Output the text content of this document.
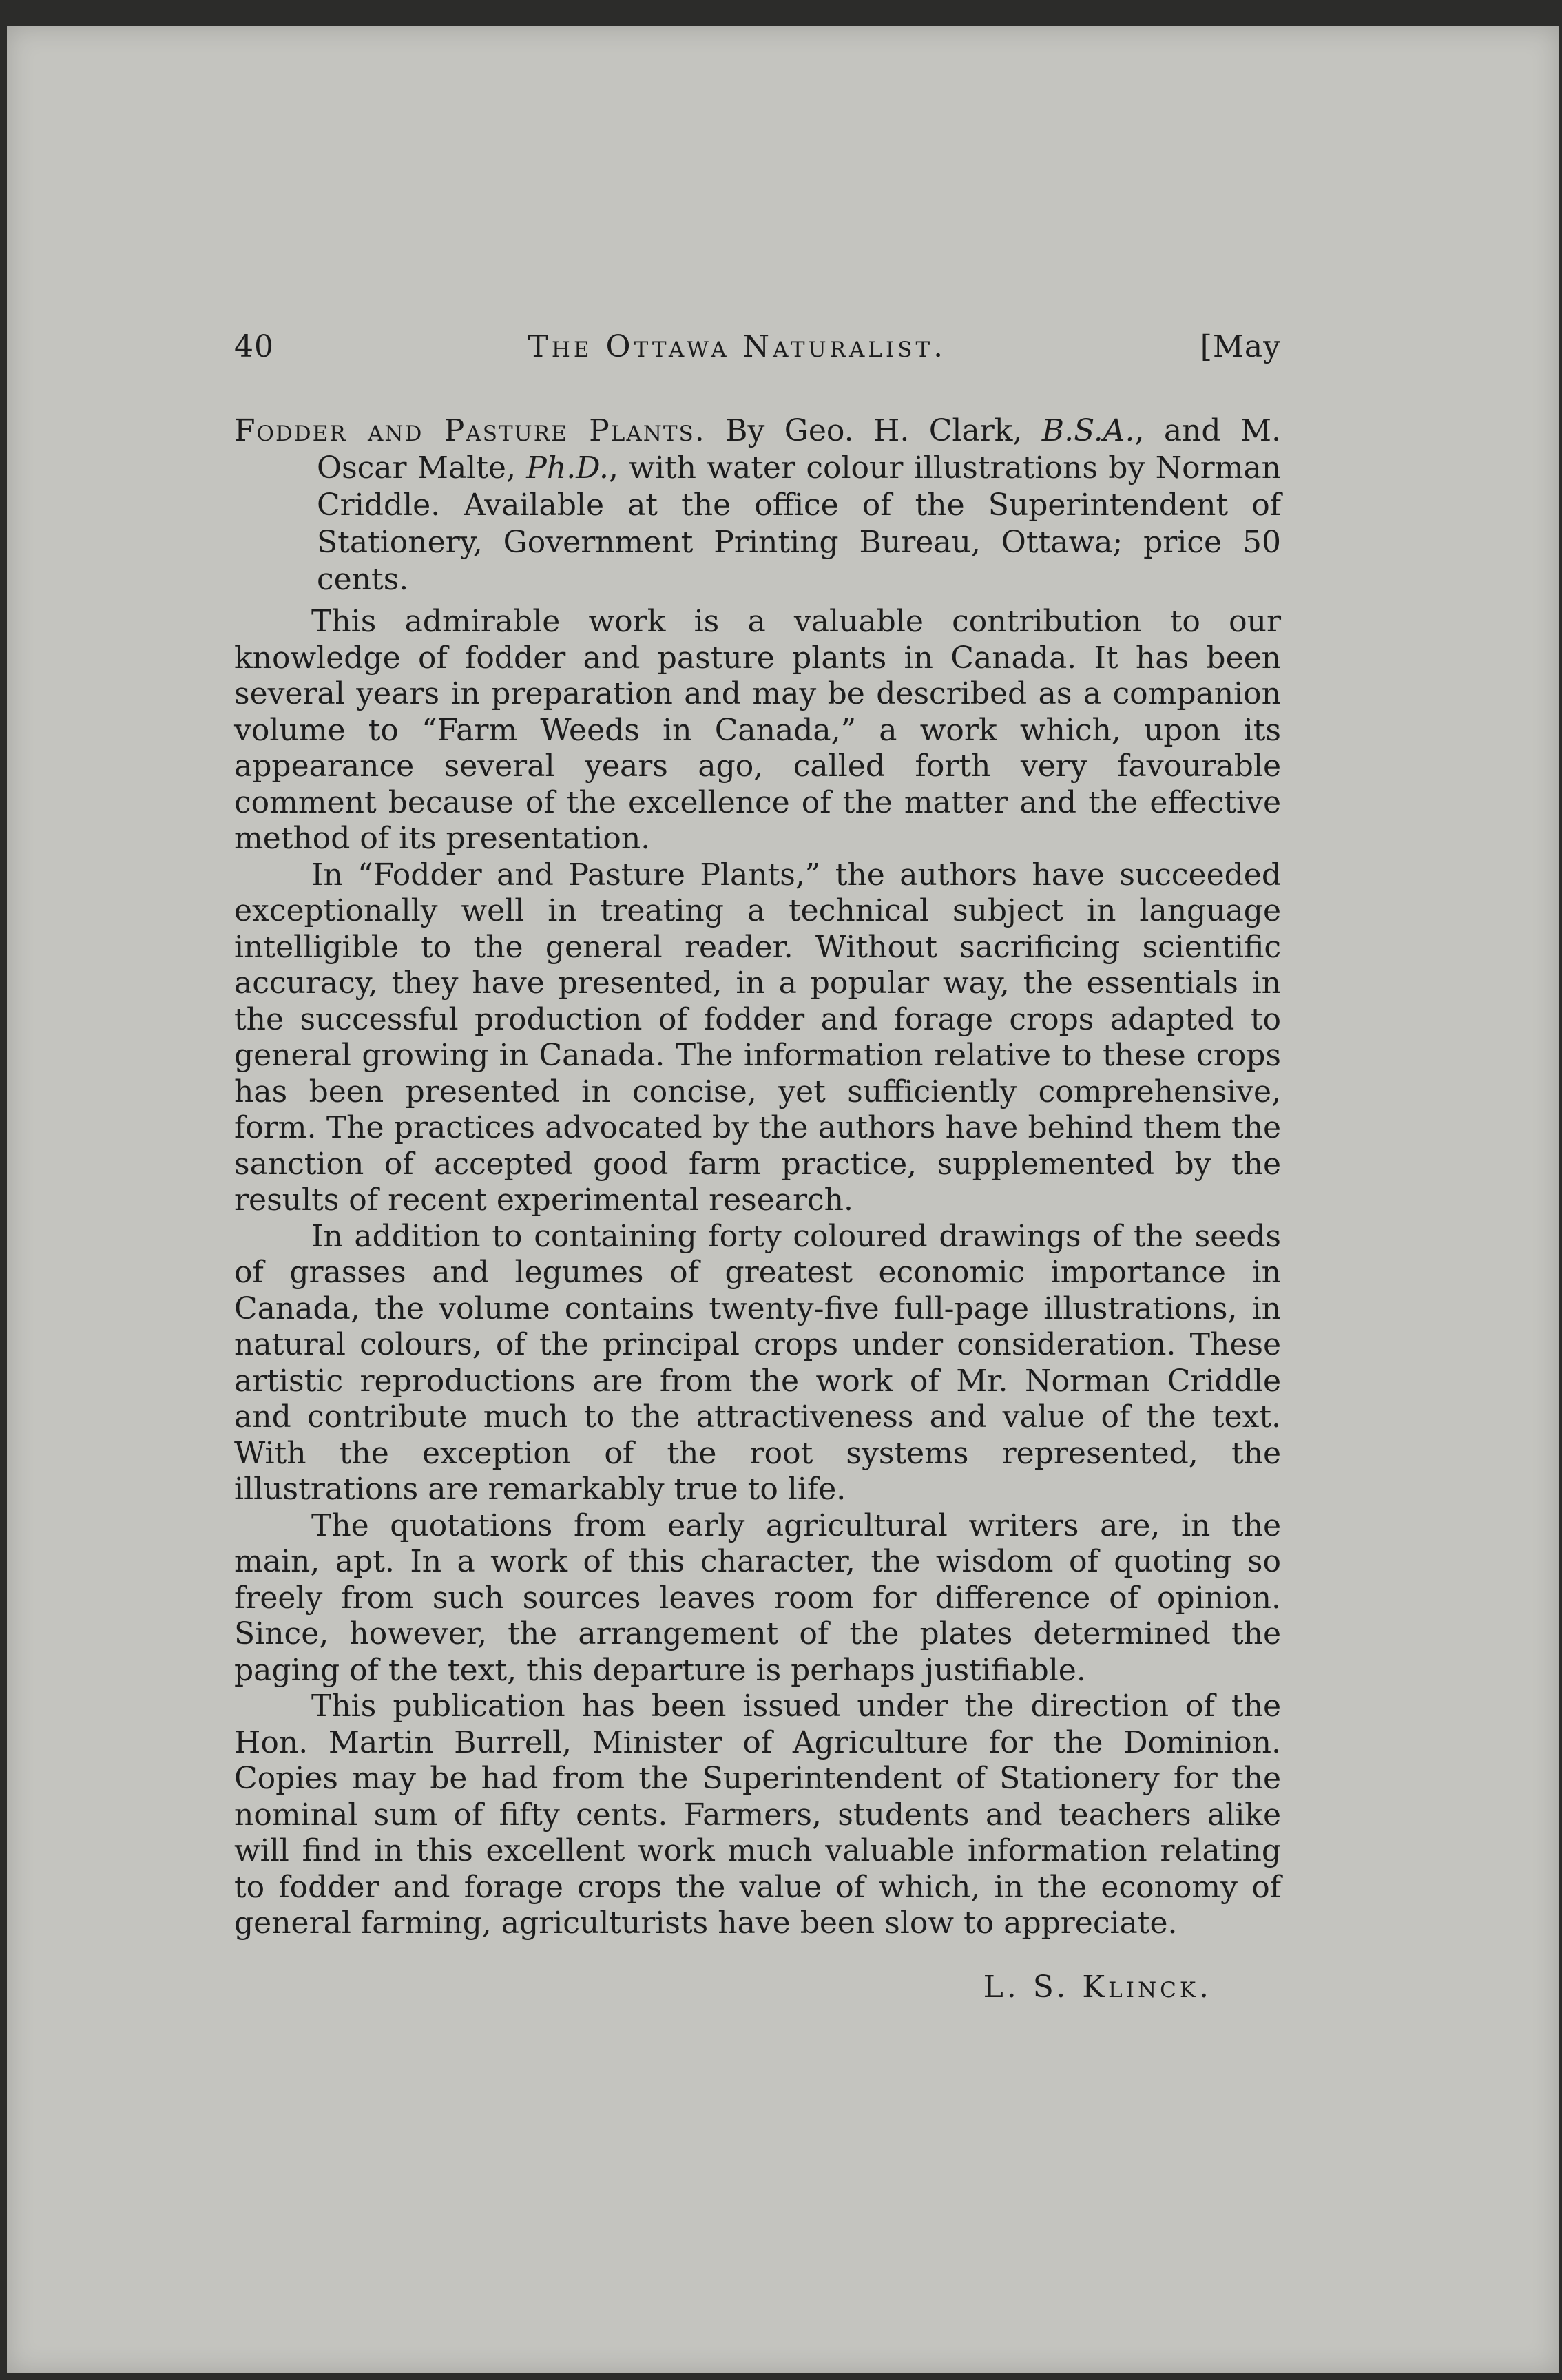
40	The Ottawa Naturalist.	[May
Fodder and Pasture Plants. By Geo. H. Clark, B.S.A., and M. Oscar Malte, Ph.D., with water colour illustrations by Norman Criddle. Available at the office of the Superintendent of Stationery, Government Printing Bureau, Ottawa; price 50 cents.

This admirable work is a valuable contribution to our knowledge of fodder and pasture plants in Canada. It has been several years in preparation and may be described as a companion volume to “Farm Weeds in Canada,” a work which, upon its appearance several years ago, called forth very favourable comment because of the excellence of the matter and the effective method of its presentation.

In “Fodder and Pasture Plants,” the authors have succeeded exceptionally well in treating a technical subject in language intelligible to the general reader. Without sacrificing scientific accuracy, they have presented, in a popular way, the essentials in the successful production of fodder and forage crops adapted to general growing in Canada. The information relative to these crops has been presented in concise, yet sufficiently comprehensive, form. The practices advocated by the authors have behind them the sanction of accepted good farm practice, supplemented by the results of recent experimental research.

In addition to containing forty coloured drawings of the seeds of grasses and legumes of greatest economic importance in Canada, the volume contains twenty-five full-page illustrations, in natural colours, of the principal crops under consideration. These artistic reproductions are from the work of Mr. Norman Criddle and contribute much to the attractiveness and value of the text. With the exception of the root systems represented, the illustrations are remarkably true to life.

The quotations from early agricultural writers are, in the main, apt. In a work of this character, the wisdom of quoting so freely from such sources leaves room for difference of opinion. Since, however, the arrangement of the plates determined the paging of the text, this departure is perhaps justifiable.

This publication has been issued under the direction of the Hon. Martin Burrell, Minister of Agriculture for the Dominion. Copies may be had from the Superintendent of Stationery for the nominal sum of fifty cents. Farmers, students and teachers alike will find in this excellent work much valuable information relating to fodder and forage crops the value of which, in the economy of general farming, agriculturists have been slow to appreciate.

L. S. Klinck.
